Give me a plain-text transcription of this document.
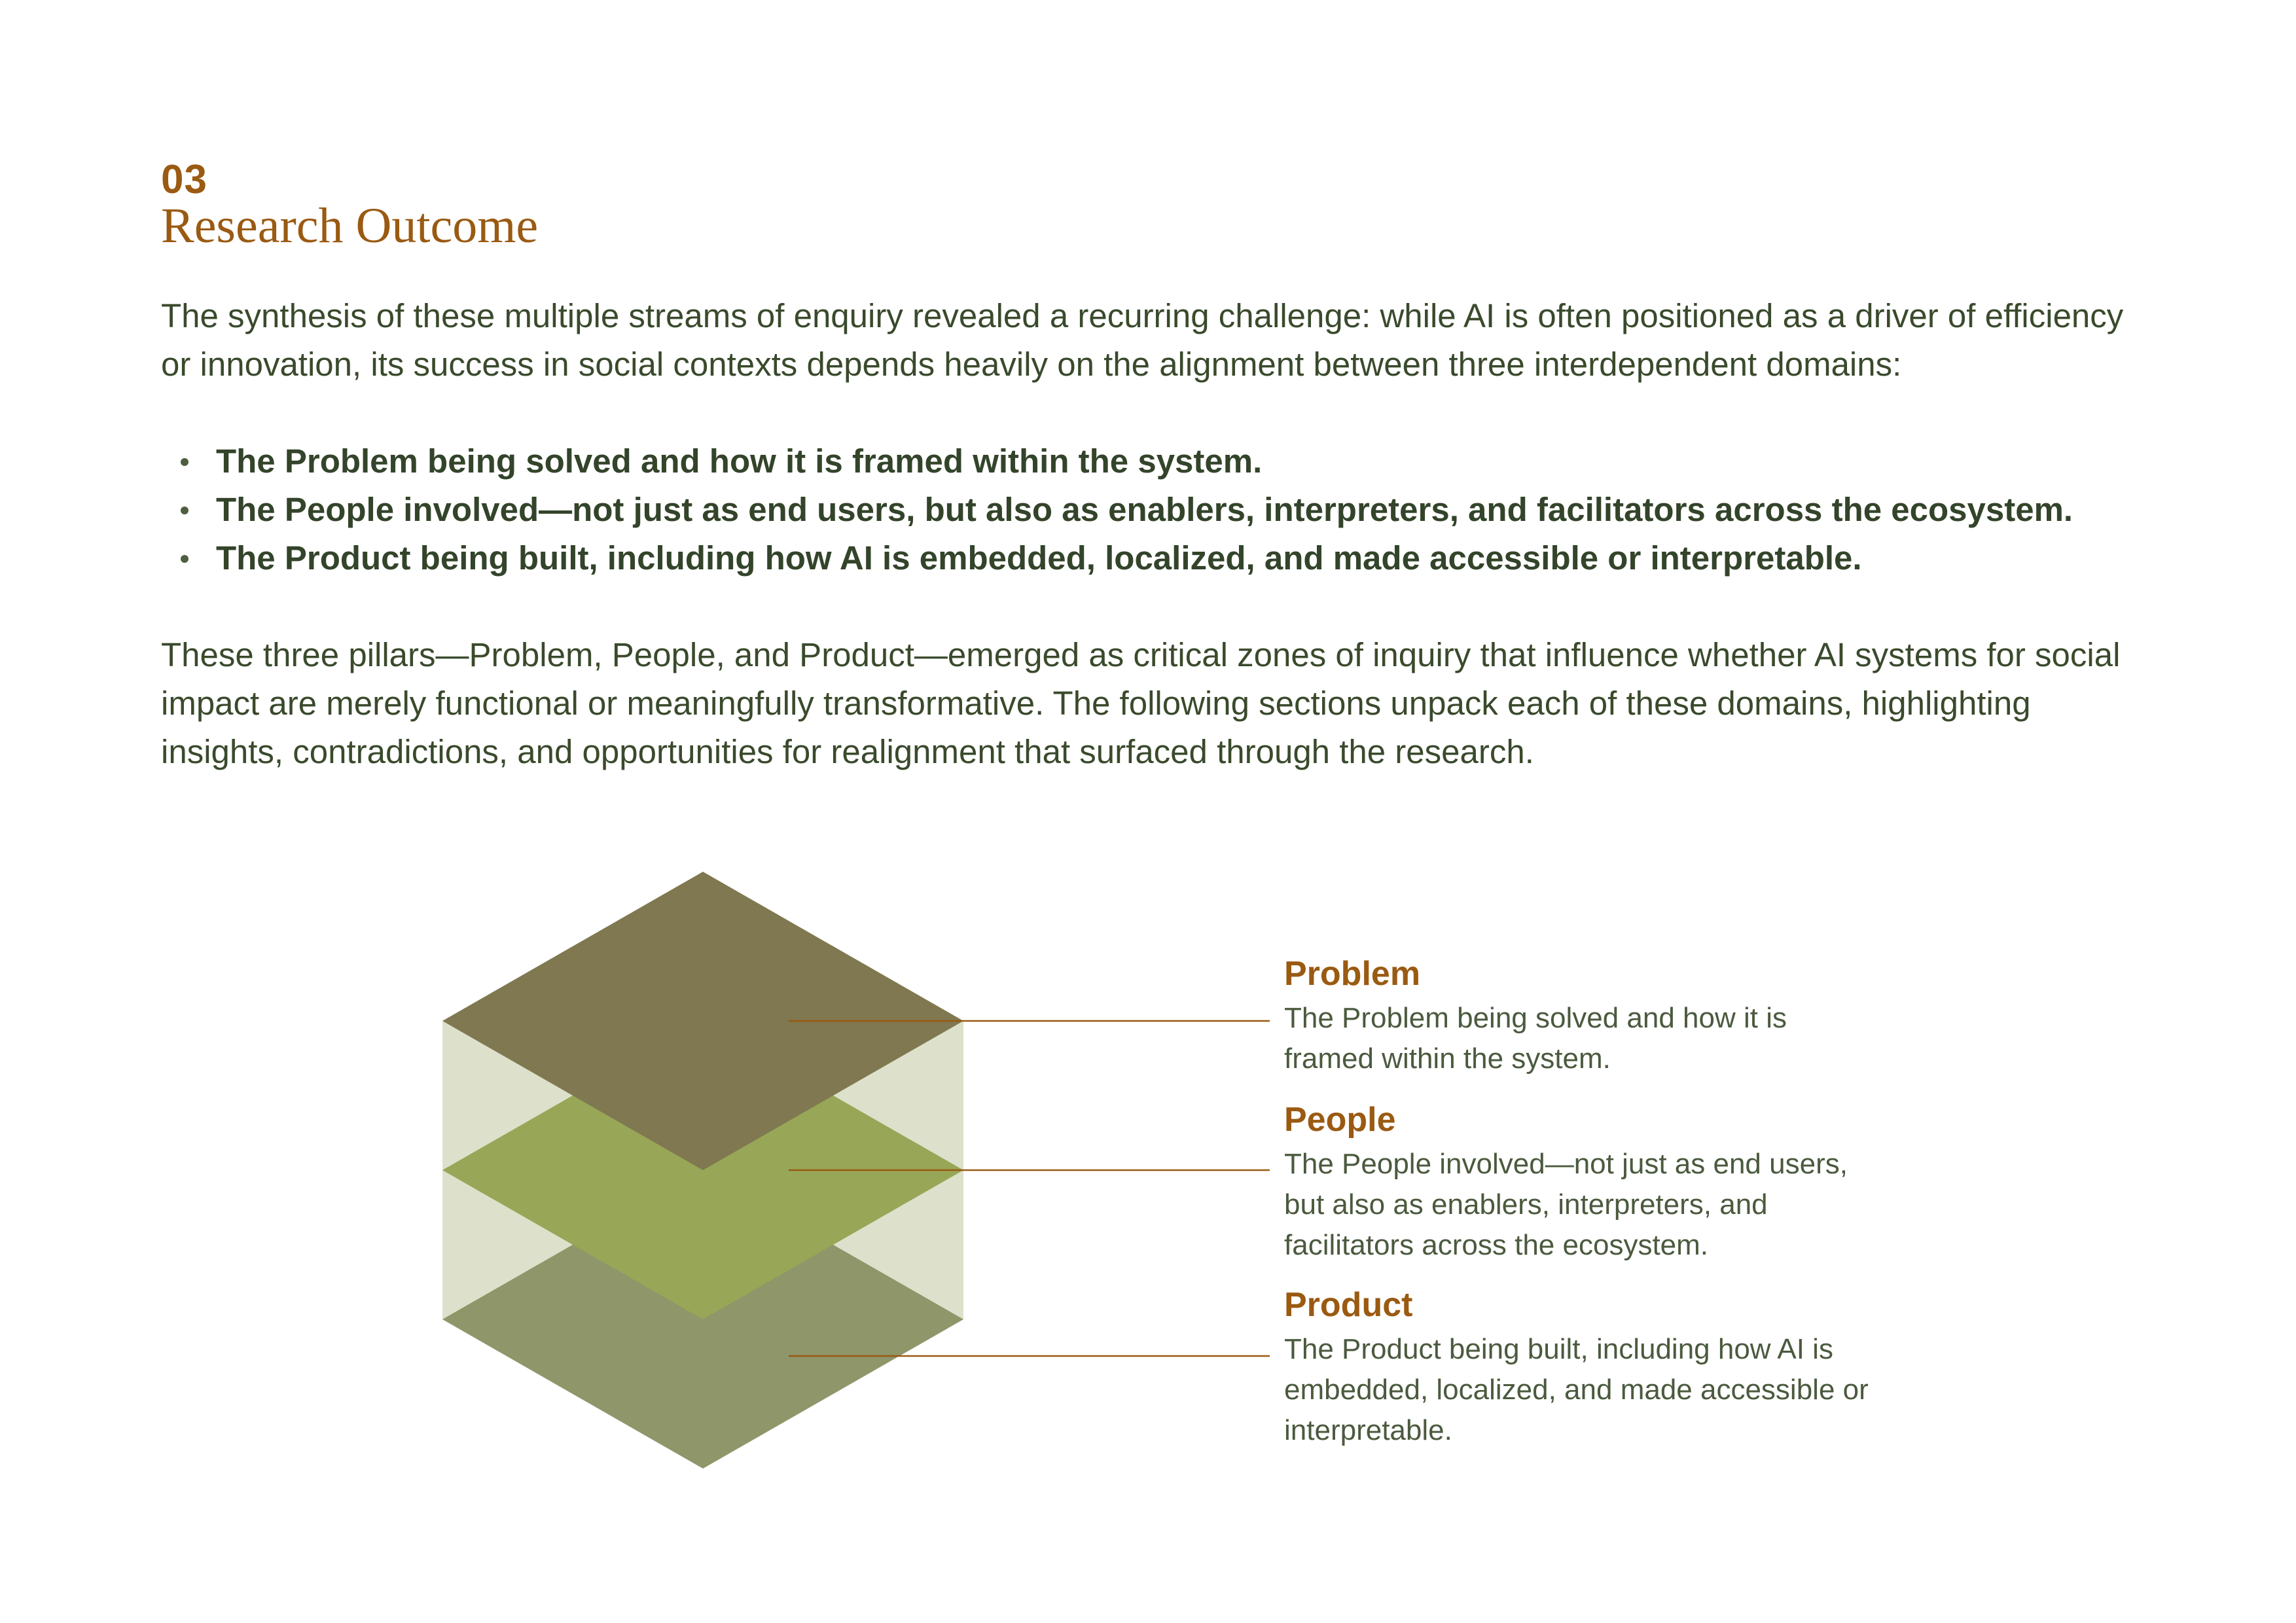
03
Research Outcome

The synthesis of these multiple streams of enquiry revealed a recurring challenge: while AI is often positioned as a driver of efficiency or innovation, its success in social contexts depends heavily on the alignment between three interdependent domains:

The Problem being solved and how it is framed within the system.
The People involved—not just as end users, but also as enablers, interpreters, and facilitators across the ecosystem.
The Product being built, including how AI is embedded, localized, and made accessible or interpretable.

These three pillars—Problem, People, and Product—emerged as critical zones of inquiry that influence whether AI systems for social impact are merely functional or meaningfully transformative. The following sections unpack each of these domains, highlighting insights, contradictions, and opportunities for realignment that surfaced through the research.

Problem
The Problem being solved and how it is framed within the system.
People
The People involved—not just as end users, but also as enablers, interpreters, and facilitators across the ecosystem.
Product
The Product being built, including how AI is embedded, localized, and made accessible or interpretable.
